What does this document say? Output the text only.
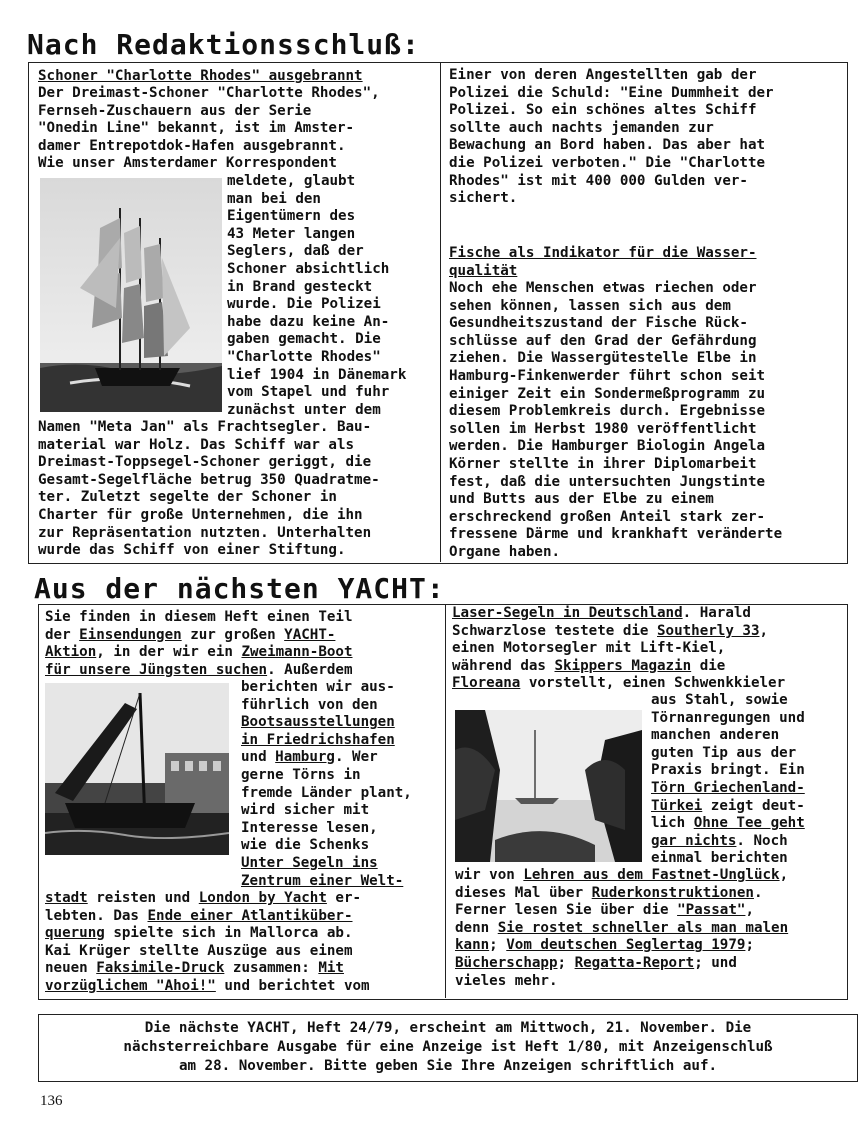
Nach Redaktionsschluß:
Schoner "Charlotte Rhodes" ausgebrannt
Der Dreimast-Schoner "Charlotte Rhodes",
Fernseh-Zuschauern aus der Serie
"Onedin Line" bekannt, ist im Amster-
damer Entrepotdok-Hafen ausgebrannt.
Wie unser Amsterdamer Korrespondent
meldete, glaubt
man bei den
Eigentümern des
43 Meter langen
Seglers, daß der
Schoner absichtlich
in Brand gesteckt
wurde. Die Polizei
habe dazu keine An-
gaben gemacht. Die
"Charlotte Rhodes"
lief 1904 in Dänemark
vom Stapel und fuhr
zunächst unter dem
Namen "Meta Jan" als Frachtsegler. Bau-
material war Holz. Das Schiff war als
Dreimast-Toppsegel-Schoner geriggt, die
Gesamt-Segelfläche betrug 350 Quadratme-
ter. Zuletzt segelte der Schoner in
Charter für große Unternehmen, die ihn
zur Repräsentation nutzten. Unterhalten
wurde das Schiff von einer Stiftung.
Einer von deren Angestellten gab der
Polizei die Schuld: "Eine Dummheit der
Polizei. So ein schönes altes Schiff
sollte auch nachts jemanden zur
Bewachung an Bord haben. Das aber hat
die Polizei verboten." Die "Charlotte
Rhodes" ist mit 400 000 Gulden ver-
sichert.
Fische als Indikator für die Wasser-
qualität
Noch ehe Menschen etwas riechen oder
sehen können, lassen sich aus dem
Gesundheitszustand der Fische Rück-
schlüsse auf den Grad der Gefährdung
ziehen. Die Wassergütestelle Elbe in
Hamburg-Finkenwerder führt schon seit
einiger Zeit ein Sondermeßprogramm zu
diesem Problemkreis durch. Ergebnisse
sollen im Herbst 1980 veröffentlicht
werden. Die Hamburger Biologin Angela
Körner stellte in ihrer Diplomarbeit
fest, daß die untersuchten Jungstinte
und Butts aus der Elbe zu einem
erschreckend großen Anteil stark zer-
fressene Därme und krankhaft veränderte
Organe haben.
Aus der nächsten YACHT:
Sie finden in diesem Heft einen Teil
der Einsendungen zur großen YACHT-
Aktion, in der wir ein Zweimann-Boot
für unsere Jüngsten suchen. Außerdem
berichten wir aus-
führlich von den
Bootsausstellungen
in Friedrichshafen
und Hamburg. Wer
gerne Törns in
fremde Länder plant,
wird sicher mit
Interesse lesen,
wie die Schenks
Unter Segeln ins
Zentrum einer Welt-
stadt reisten und London by Yacht er-
lebten. Das Ende einer Atlantiküber-
querung spielte sich in Mallorca ab.
Kai Krüger stellte Auszüge aus einem
neuen Faksimile-Druck zusammen: Mit
vorzüglichem "Ahoi!" und berichtet vom
Laser-Segeln in Deutschland. Harald
Schwarzlose testete die Southerly 33,
einen Motorsegler mit Lift-Kiel,
während das Skippers Magazin die
Floreana vorstellt, einen Schwenkkieler
aus Stahl, sowie
Törnanregungen und
manchen anderen
guten Tip aus der
Praxis bringt. Ein
Törn Griechenland-
Türkei zeigt deut-
lich Ohne Tee geht
gar nichts. Noch
einmal berichten
wir von Lehren aus dem Fastnet-Unglück,
dieses Mal über Ruderkonstruktionen.
Ferner lesen Sie über die "Passat",
denn Sie rostet schneller als man malen
kann; Vom deutschen Seglertag 1979;
Bücherschapp; Regatta-Report; und
vieles mehr.
Die nächste YACHT, Heft 24/79, erscheint am Mittwoch, 21. November. Die
nächsterreichbare Ausgabe für eine Anzeige ist Heft 1/80, mit Anzeigenschluß
am 28. November. Bitte geben Sie Ihre Anzeigen schriftlich auf.
136
